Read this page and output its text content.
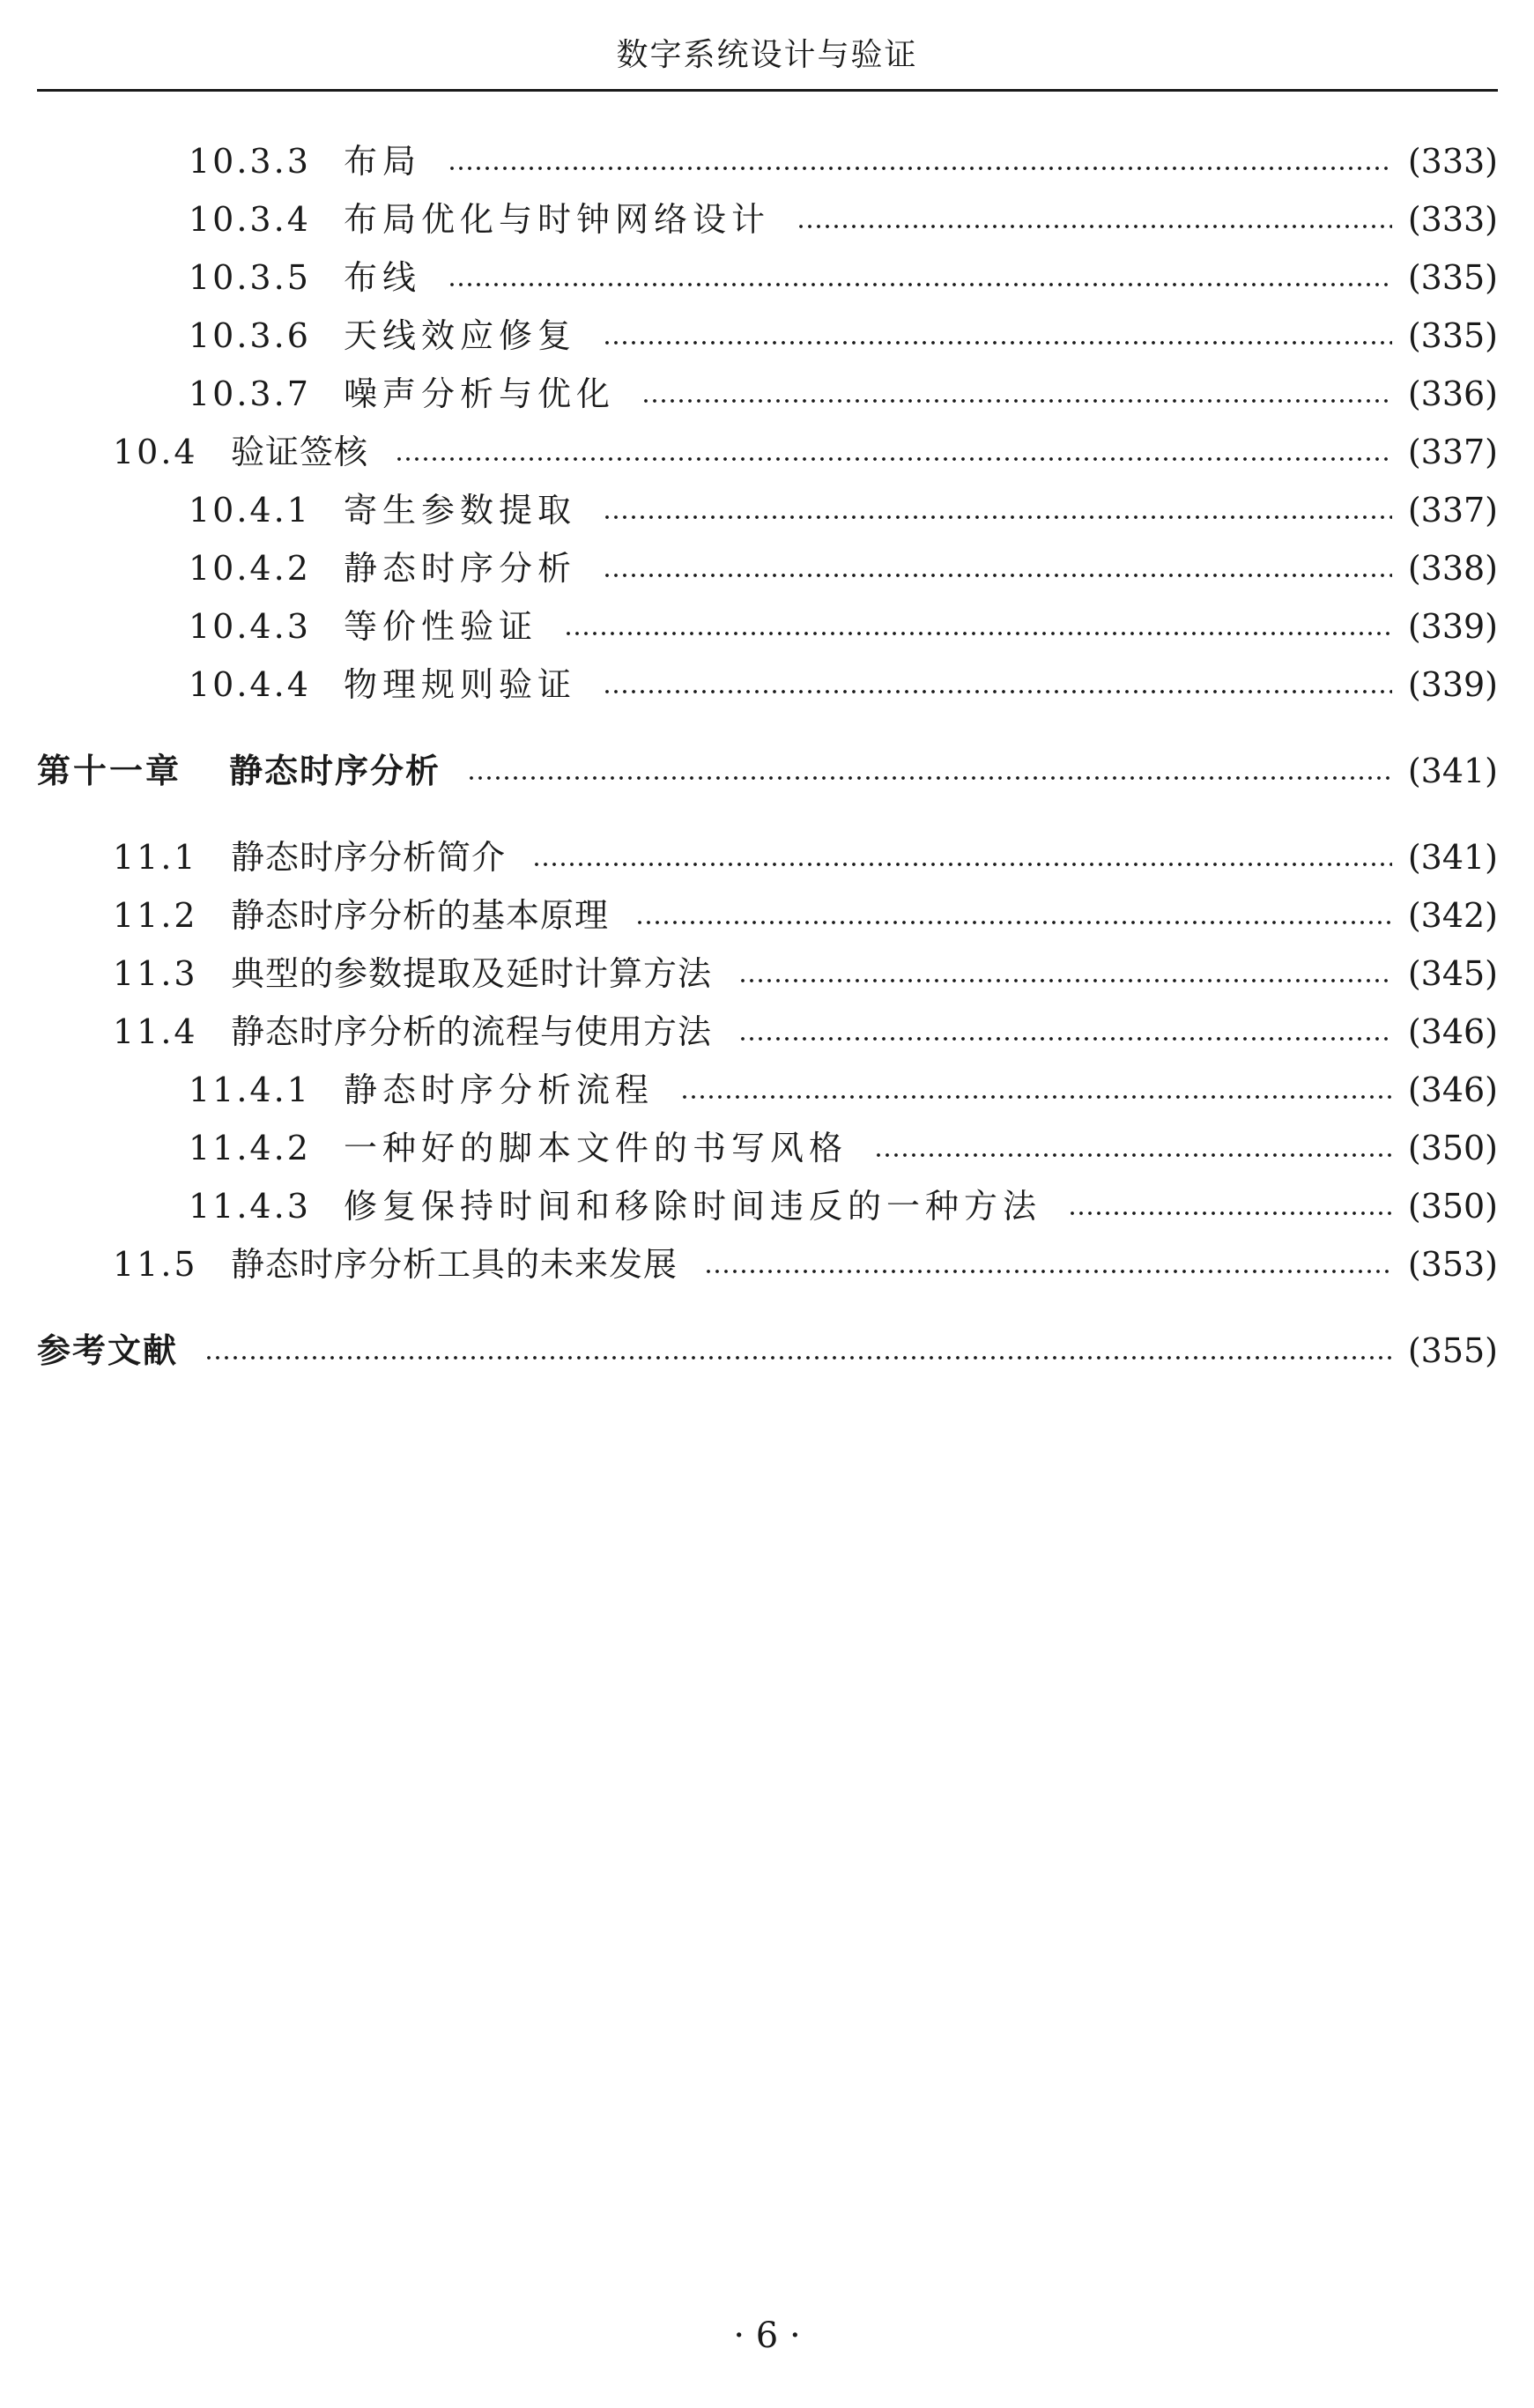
数字系统设计与验证
10.3.3 布局	(333)
10.3.4 布局优化与时钟网络设计	(333)
10.3.5 布线	(335)
10.3.6 天线效应修复	(335)
10.3.7 噪声分析与优化	(336)
10.4 验证签核	(337)
10.4.1 寄生参数提取	(337)
10.4.2 静态时序分析	(338)
10.4.3 等价性验证	(339)
10.4.4 物理规则验证	(339)
第十一章	静态时序分析	(341)
11.1 静态时序分析简介	(341)
11.2 静态时序分析的基本原理	(342)
11.3 典型的参数提取及延时计算方法	(345)
11.4 静态时序分析的流程与使用方法	(346)
11.4.1 静态时序分析流程	(346)
11.4.2 一种好的脚本文件的书写风格	(350)
11.4.3 修复保持时间和移除时间违反的一种方法	(350)
11.5 静态时序分析工具的未来发展	(353)
参考文献	(355)
· 6 ·
